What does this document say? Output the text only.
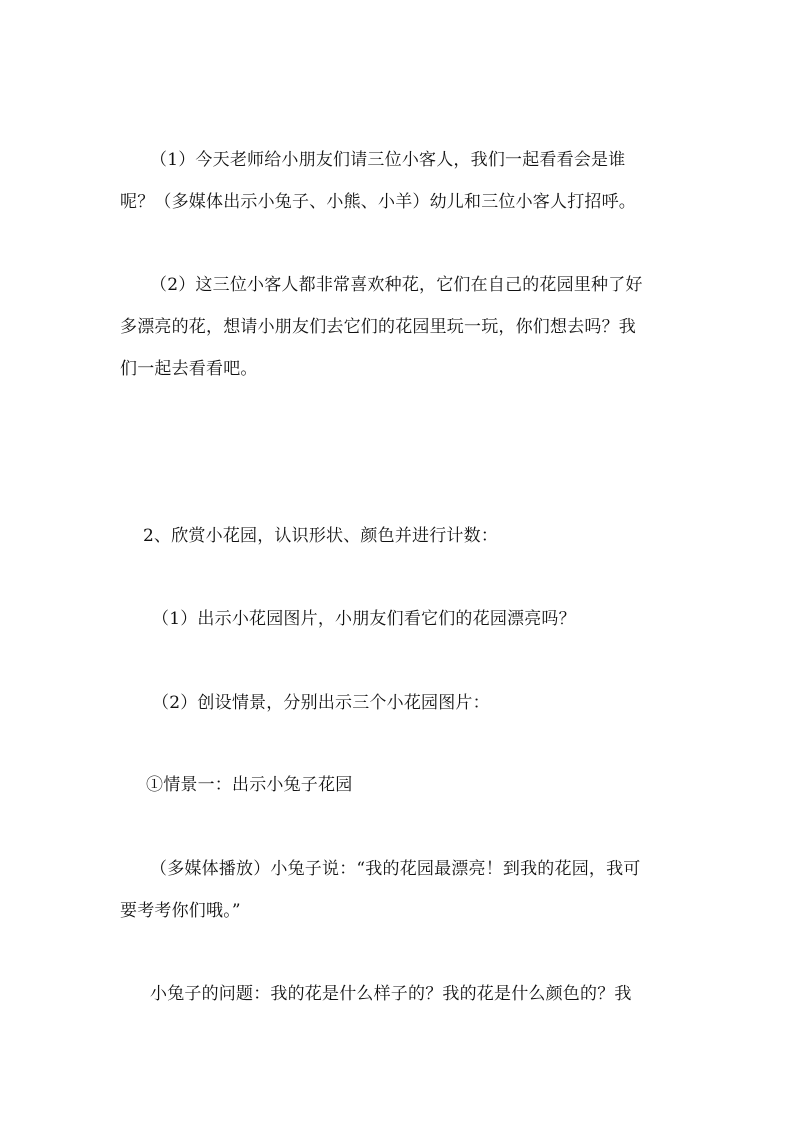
（1）今天老师给小朋友们请三位小客人，我们一起看看会是谁
呢？（多媒体出示小兔子、小熊、小羊）幼儿和三位小客人打招呼。
（2）这三位小客人都非常喜欢种花，它们在自己的花园里种了好
多漂亮的花，想请小朋友们去它们的花园里玩一玩，你们想去吗？我
们一起去看看吧。
2、欣赏小花园，认识形状、颜色并进行计数：
（1）出示小花园图片，小朋友们看它们的花园漂亮吗？
（2）创设情景，分别出示三个小花园图片：
①情景一：出示小兔子花园
（多媒体播放）小兔子说：“我的花园最漂亮！到我的花园，我可
要考考你们哦。”
小兔子的问题：我的花是什么样子的？我的花是什么颜色的？我
